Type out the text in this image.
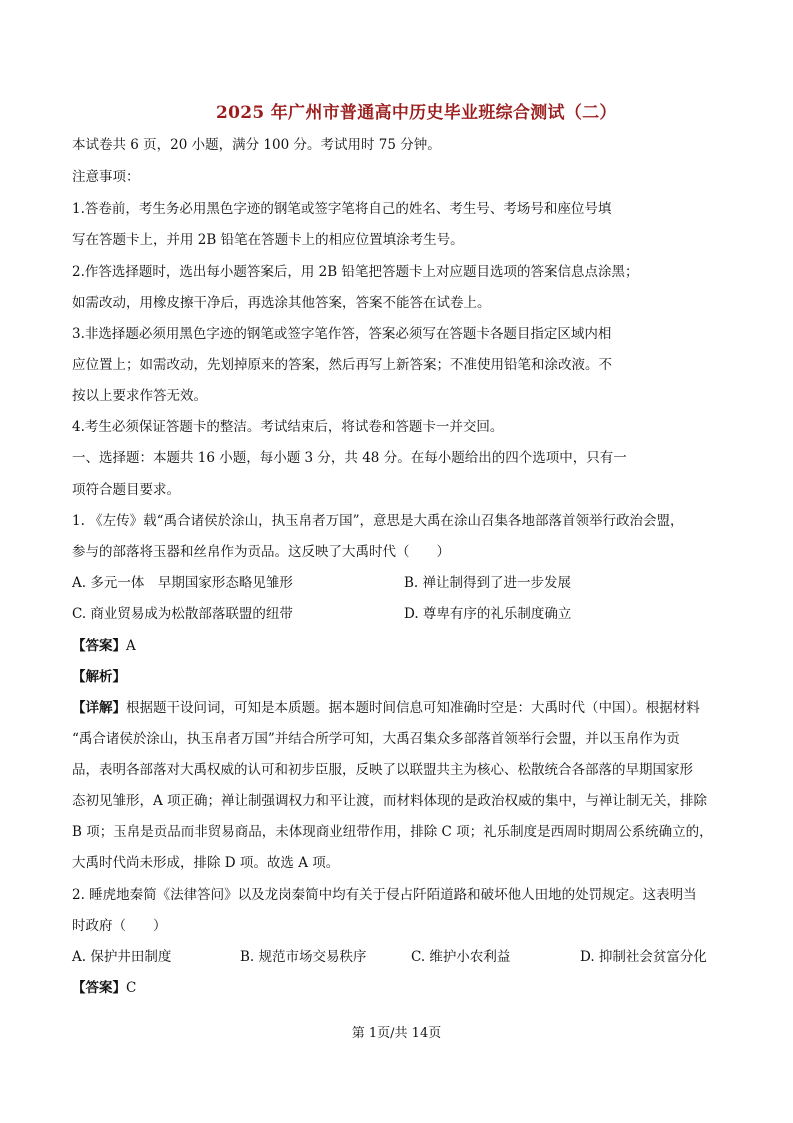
2025 年广州市普通高中历史毕业班综合测试（二）
本试卷共 6 页，20 小题，满分 100 分。考试用时 75 分钟。
注意事项：
1.答卷前，考生务必用黑色字迹的钢笔或签字笔将自己的姓名、考生号、考场号和座位号填
写在答题卡上，并用 2B 铅笔在答题卡上的相应位置填涂考生号。
2.作答选择题时，选出每小题答案后，用 2B 铅笔把答题卡上对应题目选项的答案信息点涂黑；
如需改动，用橡皮擦干净后，再选涂其他答案，答案不能答在试卷上。
3.非选择题必须用黑色字迹的钢笔或签字笔作答，答案必须写在答题卡各题目指定区域内相
应位置上；如需改动，先划掉原来的答案，然后再写上新答案；不准使用铅笔和涂改液。不
按以上要求作答无效。
4.考生必须保证答题卡的整洁。考试结束后，将试卷和答题卡一并交回。
一、选择题：本题共 16 小题，每小题 3 分，共 48 分。在每小题给出的四个选项中，只有一
项符合题目要求。
1. 《左传》载“禹合诸侯於涂山，执玉帛者万国”，意思是大禹在涂山召集各地部落首领举行政治会盟，
参与的部落将玉器和丝帛作为贡品。这反映了大禹时代（　　）
A. 多元一体　早期国家形态略见雏形	B. 禅让制得到了进一步发展
C. 商业贸易成为松散部落联盟的纽带	D. 尊卑有序的礼乐制度确立
【答案】A
【解析】
【详解】根据题干设问词，可知是本质题。据本题时间信息可知准确时空是：大禹时代（中国）。根据材料
“禹合诸侯於涂山，执玉帛者万国”并结合所学可知，大禹召集众多部落首领举行会盟，并以玉帛作为贡
品，表明各部落对大禹权威的认可和初步臣服，反映了以联盟共主为核心、松散统合各部落的早期国家形
态初见雏形，A 项正确；禅让制强调权力和平让渡，而材料体现的是政治权威的集中，与禅让制无关，排除
B 项；玉帛是贡品而非贸易商品，未体现商业纽带作用，排除 C 项；礼乐制度是西周时期周公系统确立的，
大禹时代尚未形成，排除 D 项。故选 A 项。
2. 睡虎地秦简《法律答问》以及龙岗秦简中均有关于侵占阡陌道路和破坏他人田地的处罚规定。这表明当
时政府（　　）
A. 保护井田制度	B. 规范市场交易秩序	C. 维护小农利益	D. 抑制社会贫富分化
【答案】C
第 1页/共 14页
